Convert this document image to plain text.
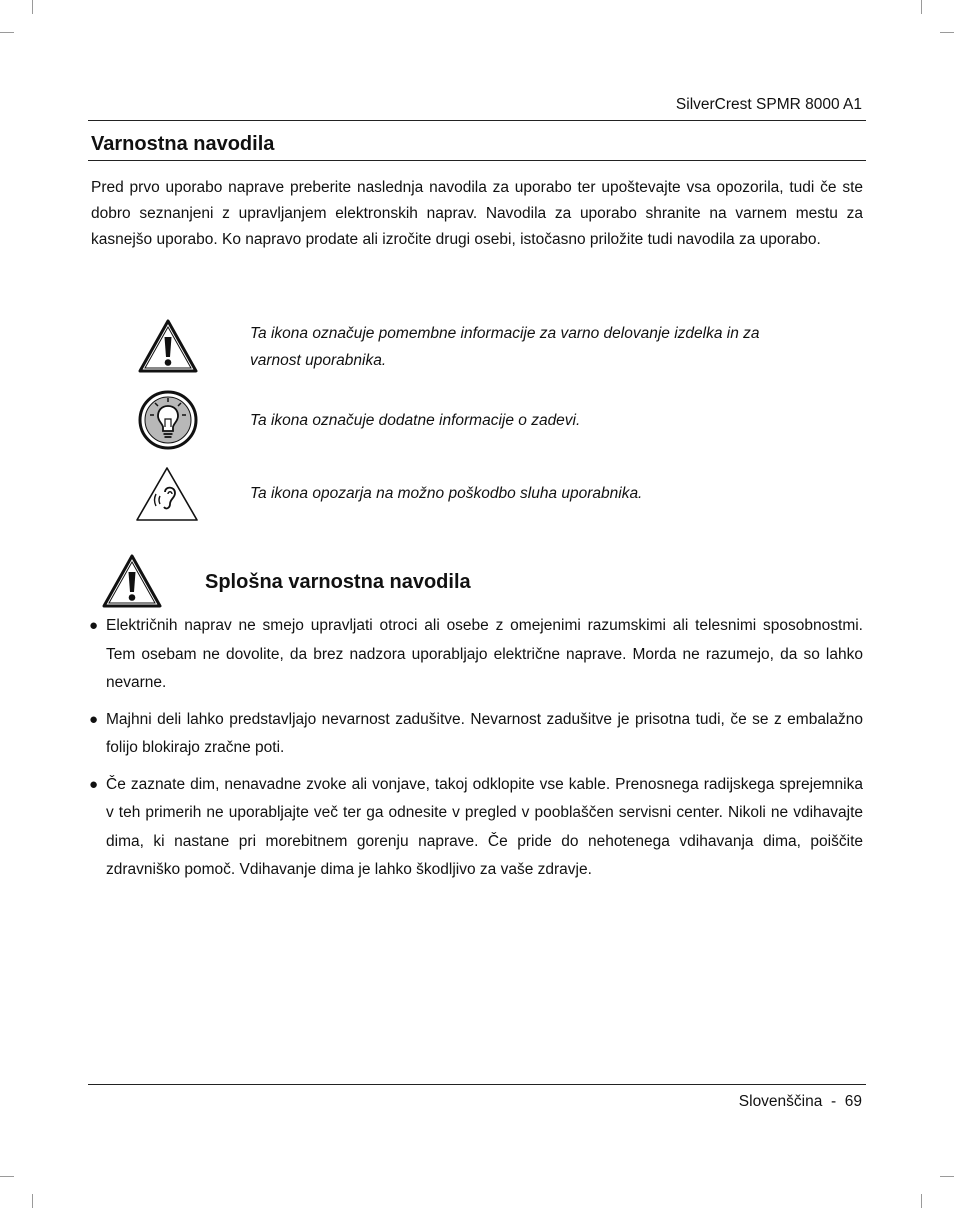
SilverCrest SPMR 8000 A1
Varnostna navodila

Pred prvo uporabo naprave preberite naslednja navodila za uporabo ter upoštevajte vsa opozorila, tudi če ste dobro seznanjeni z upravljanjem elektronskih naprav. Navodila za uporabo shranite na varnem mestu za kasnejšo uporabo. Ko napravo prodate ali izročite drugi osebi, istočasno priložite tudi navodila za uporabo.

Ta ikona označuje pomembne informacije za varno delovanje izdelka in za
varnost uporabnika.
Ta ikona označuje dodatne informacije o zadevi.
Ta ikona opozarja na možno poškodbo sluha uporabnika.
Splošna varnostna navodila
● Električnih naprav ne smejo upravljati otroci ali osebe z omejenimi razumskimi ali telesnimi sposobnostmi. Tem osebam ne dovolite, da brez nadzora uporabljajo električne naprave. Morda ne razumejo, da so lahko nevarne.
● Majhni deli lahko predstavljajo nevarnost zadušitve. Nevarnost zadušitve je prisotna tudi, če se z embalažno folijo blokirajo zračne poti.
● Če zaznate dim, nenavadne zvoke ali vonjave, takoj odklopite vse kable. Prenosnega radijskega sprejemnika v teh primerih ne uporabljajte več ter ga odnesite v pregled v pooblaščen servisni center. Nikoli ne vdihavajte dima, ki nastane pri morebitnem gorenju naprave. Če pride do nehotenega vdihavanja dima, poiščite zdravniško pomoč. Vdihavanje dima je lahko škodljivo za vaše zdravje.
Slovenščina  -  69
